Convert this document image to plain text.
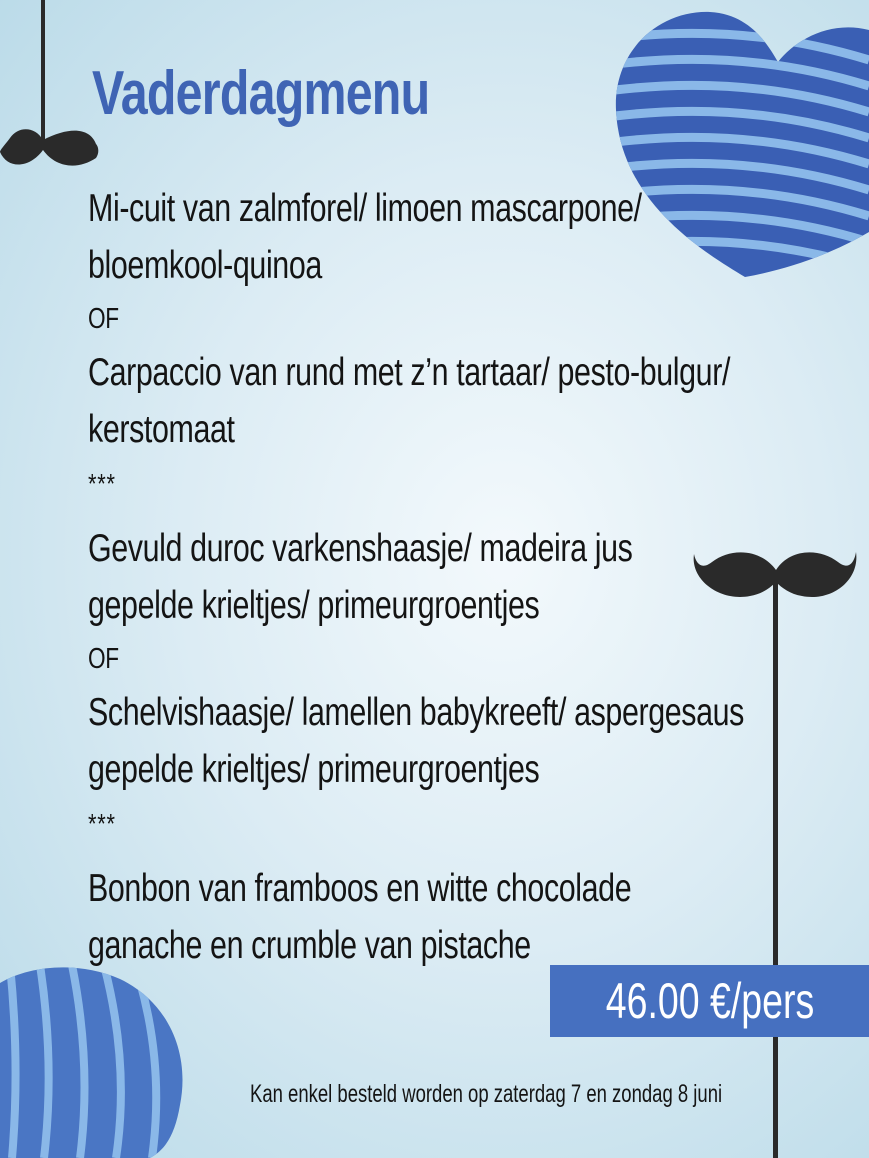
Vaderdagmenu
Mi-cuit van zalmforel/ limoen mascarpone/
bloemkool-quinoa
OF
Carpaccio van rund met z’n tartaar/ pesto-bulgur/
kerstomaat
***
Gevuld duroc varkenshaasje/ madeira jus
gepelde krieltjes/ primeurgroentjes
OF
Schelvishaasje/ lamellen babykreeft/ aspergesaus
gepelde krieltjes/ primeurgroentjes
***
Bonbon van framboos en witte chocolade
ganache en crumble van pistache
46.00 €/pers
Kan enkel besteld worden op zaterdag 7 en zondag 8 juni
